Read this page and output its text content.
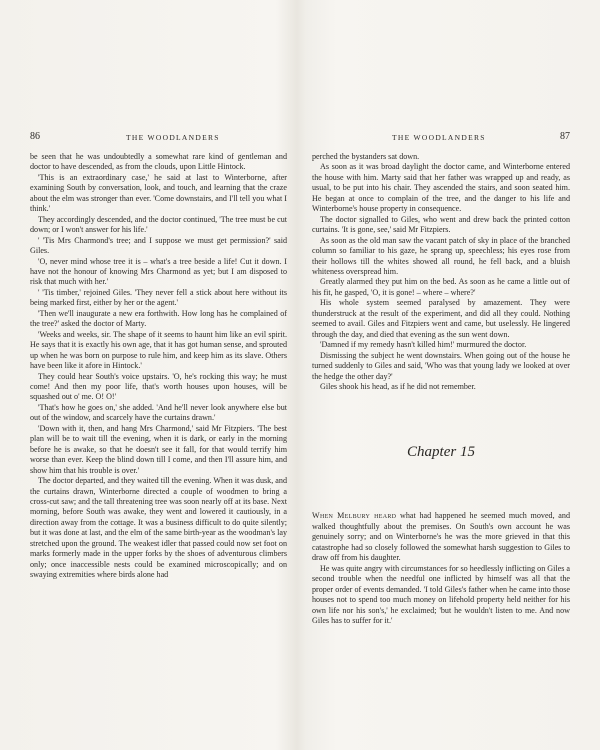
86	THE WOODLANDERS

be seen that he was undoubtedly a somewhat rare kind of gentleman and doctor to have descended, as from the clouds, upon Little Hintock.

'This is an extraordinary case,' he said at last to Winterborne, after examining South by conversation, look, and touch, and learning that the craze about the elm was stronger than ever. 'Come downstairs, and I'll tell you what I think.'

They accordingly descended, and the doctor continued, 'The tree must be cut down; or I won't answer for his life.'

' 'Tis Mrs Charmond's tree; and I suppose we must get permission?' said Giles.

'O, never mind whose tree it is – what's a tree beside a life! Cut it down. I have not the honour of knowing Mrs Charmond as yet; but I am disposed to risk that much with her.'

' 'Tis timber,' rejoined Giles. 'They never fell a stick about here without its being marked first, either by her or the agent.'

'Then we'll inaugurate a new era forthwith. How long has he complained of the tree?' asked the doctor of Marty.

'Weeks and weeks, sir. The shape of it seems to haunt him like an evil spirit. He says that it is exactly his own age, that it has got human sense, and sprouted up when he was born on purpose to rule him, and keep him as its slave. Others have been like it afore in Hintock.'

They could hear South's voice upstairs. 'O, he's rocking this way; he must come! And then my poor life, that's worth houses upon houses, will be squashed out o' me. O! O!'

'That's how he goes on,' she added. 'And he'll never look anywhere else but out of the window, and scarcely have the curtains drawn.'

'Down with it, then, and hang Mrs Charmond,' said Mr Fitzpiers. 'The best plan will be to wait till the evening, when it is dark, or early in the morning before he is awake, so that he doesn't see it fall, for that would terrify him worse than ever. Keep the blind down till I come, and then I'll assure him, and show him that his trouble is over.'

The doctor departed, and they waited till the evening. When it was dusk, and the curtains drawn, Winterborne directed a couple of woodmen to bring a cross-cut saw; and the tall threatening tree was soon nearly off at its base. Next morning, before South was awake, they went and lowered it cautiously, in a direction away from the cottage. It was a business difficult to do quite silently; but it was done at last, and the elm of the same birth-year as the woodman's lay stretched upon the ground. The weakest idler that passed could now set foot on marks formerly made in the upper forks by the shoes of adventurous climbers only; once inaccessible nests could be examined microscopically; and on swaying extremities where birds alone had

THE WOODLANDERS	87

perched the bystanders sat down.

As soon as it was broad daylight the doctor came, and Winterborne entered the house with him. Marty said that her father was wrapped up and ready, as usual, to be put into his chair. They ascended the stairs, and soon seated him. He began at once to complain of the tree, and the danger to his life and Winterborne's house property in consequence.

The doctor signalled to Giles, who went and drew back the printed cotton curtains. 'It is gone, see,' said Mr Fitzpiers.

As soon as the old man saw the vacant patch of sky in place of the branched column so familiar to his gaze, he sprang up, speechless; his eyes rose from their hollows till the whites showed all round, he fell back, and a bluish whiteness overspread him.

Greatly alarmed they put him on the bed. As soon as he came a little out of his fit, he gasped, 'O, it is gone! – where – where?'

His whole system seemed paralysed by amazement. They were thunderstruck at the result of the experiment, and did all they could. Nothing seemed to avail. Giles and Fitzpiers went and came, but uselessly. He lingered through the day, and died that evening as the sun went down.

'Damned if my remedy hasn't killed him!' murmured the doctor.

Dismissing the subject he went downstairs. When going out of the house he turned suddenly to Giles and said, 'Who was that young lady we looked at over the hedge the other day?'

Giles shook his head, as if he did not remember.

Chapter 15

When Melbury heard what had happened he seemed much moved, and walked thoughtfully about the premises. On South's own account he was genuinely sorry; and on Winterborne's he was the more grieved in that this catastrophe had so closely followed the somewhat harsh suggestion to Giles to draw off from his daughter.

He was quite angry with circumstances for so heedlessly inflicting on Giles a second trouble when the needful one inflicted by himself was all that the proper order of events demanded. 'I told Giles's father when he came into those houses not to spend too much money on lifehold property held neither for his own life nor his son's,' he exclaimed; 'but he wouldn't listen to me. And now Giles has to suffer for it.'
